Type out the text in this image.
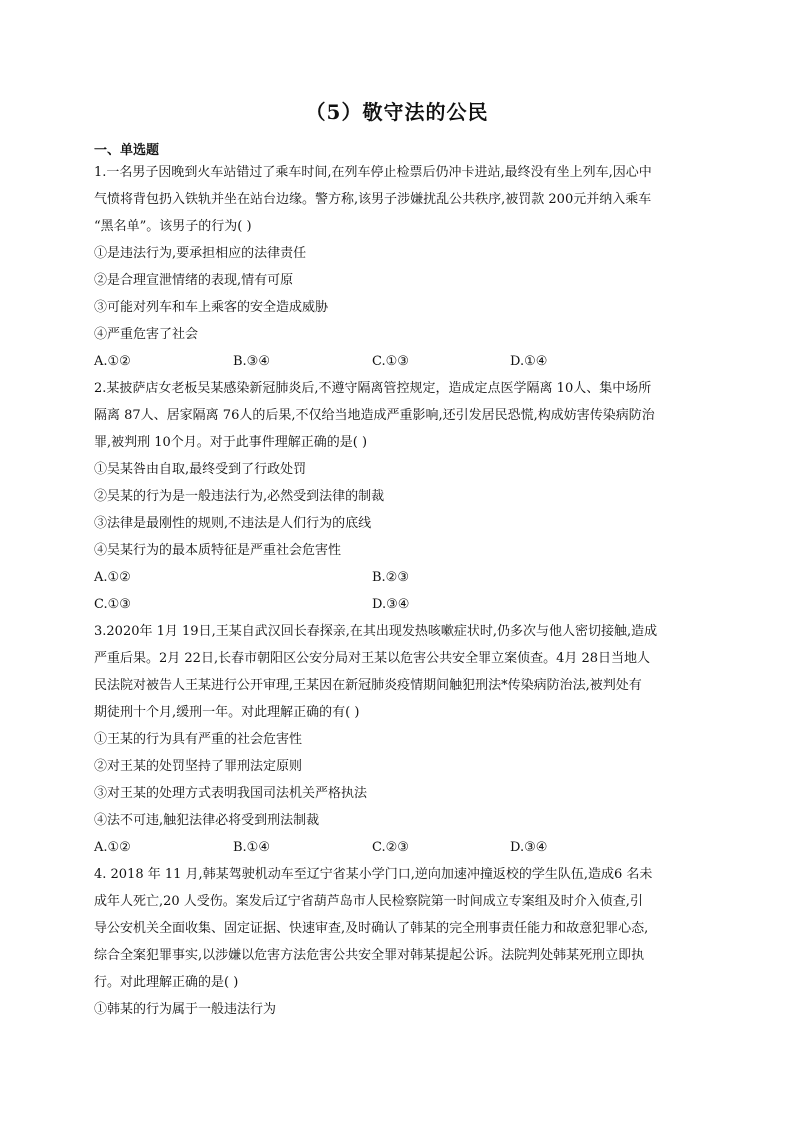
（5）敬守法的公民
一、单选题
1.一名男子因晚到火车站错过了乘车时间,在列车停止检票后仍冲卡进站,最终没有坐上列车,因心中
气愤将背包扔入铁轨并坐在站台边缘。警方称,该男子涉嫌扰乱公共秩序,被罚款 200元并纳入乘车
“黑名单”。该男子的行为( )
①是违法行为,要承担相应的法律责任
②是合理宣泄情绪的表现,情有可原
③可能对列车和车上乘客的安全造成威胁
④严重危害了社会
A.①②	B.③④	C.①③	D.①④
2.某披萨店女老板吴某感染新冠肺炎后,不遵守隔离管控规定，造成定点医学隔离 10人、集中场所
隔离 87人、居家隔离 76人的后果,不仅给当地造成严重影响,还引发居民恐慌,构成妨害传染病防治
罪,被判刑 10个月。对于此事件理解正确的是( )
①吴某咎由自取,最终受到了行政处罚
②吴某的行为是一般违法行为,必然受到法律的制裁
③法律是最刚性的规则,不违法是人们行为的底线
④吴某行为的最本质特征是严重社会危害性
A.①②	B.②③
C.①③	D.③④
3.2020年 1月 19日,王某自武汉回长春探亲,在其出现发热咳嗽症状时,仍多次与他人密切接触,造成
严重后果。2月 22日,长春市朝阳区公安分局对王某以危害公共安全罪立案侦查。4月 28日当地人
民法院对被告人王某进行公开审理,王某因在新冠肺炎疫情期间触犯刑法*传染病防治法,被判处有
期徒刑十个月,缓刑一年。对此理解正确的有( )
①王某的行为具有严重的社会危害性
②对王某的处罚坚持了罪刑法定原则
③对王某的处理方式表明我国司法机关严格执法
④法不可违,触犯法律必将受到刑法制裁
A.①②	B.①④	C.②③	D.③④
4. 2018 年 11 月,韩某驾驶机动车至辽宁省某小学门口,逆向加速冲撞返校的学生队伍,造成6 名未
成年人死亡,20 人受伤。案发后辽宁省葫芦岛市人民检察院第一时间成立专案组及时介入侦查,引
导公安机关全面收集、固定证据、快速审查,及时确认了韩某的完全刑事责任能力和故意犯罪心态,
综合全案犯罪事实,以涉嫌以危害方法危害公共安全罪对韩某提起公诉。法院判处韩某死刑立即执
行。对此理解正确的是( )
①韩某的行为属于一般违法行为
